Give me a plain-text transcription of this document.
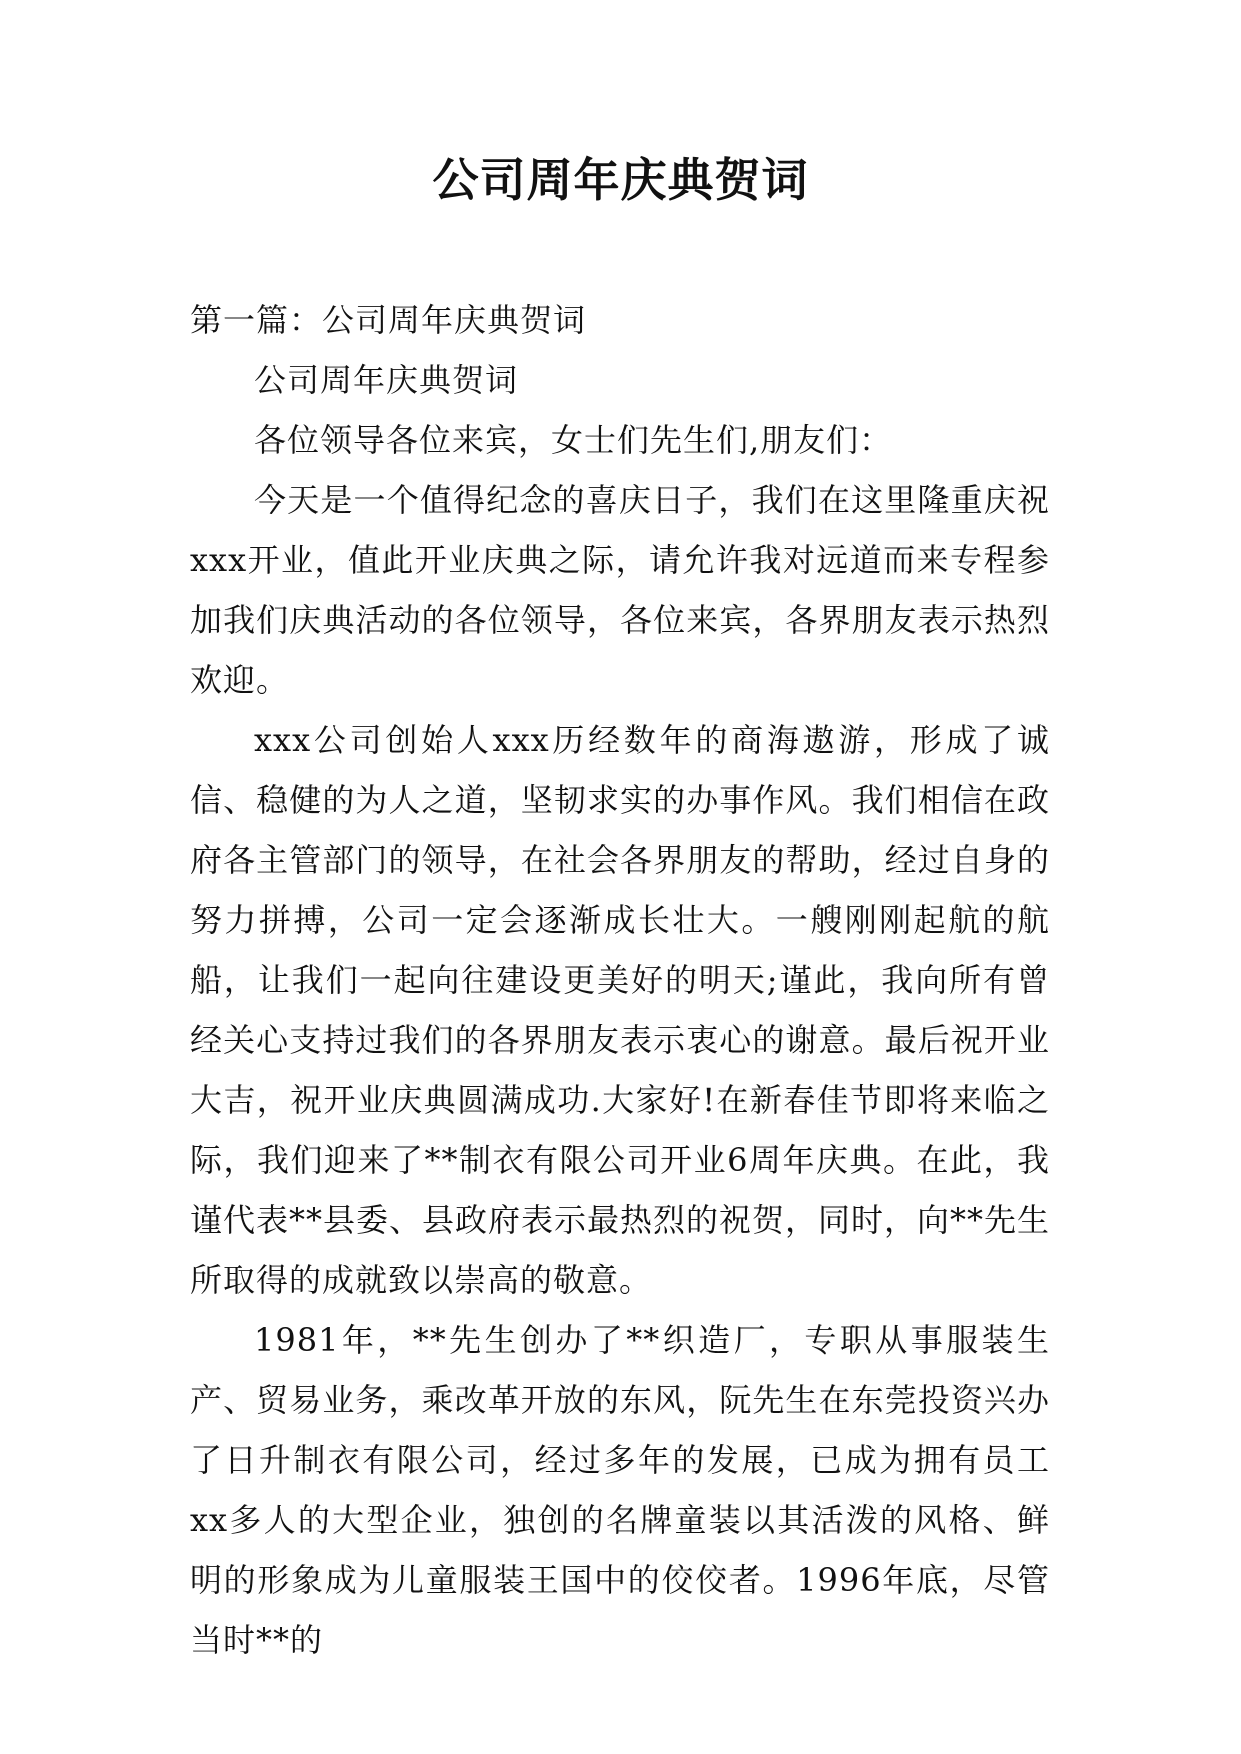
公司周年庆典贺词

第一篇：公司周年庆典贺词

公司周年庆典贺词

各位领导各位来宾，女士们先生们,朋友们：

今天是一个值得纪念的喜庆日子，我们在这里隆重庆祝xxx开业，值此开业庆典之际，请允许我对远道而来专程参加我们庆典活动的各位领导，各位来宾，各界朋友表示热烈欢迎。

xxx公司创始人xxx历经数年的商海遨游，形成了诚信、稳健的为人之道，坚韧求实的办事作风。我们相信在政府各主管部门的领导，在社会各界朋友的帮助，经过自身的努力拼搏，公司一定会逐渐成长壮大。一艘刚刚起航的航船，让我们一起向往建设更美好的明天;谨此，我向所有曾经关心支持过我们的各界朋友表示衷心的谢意。最后祝开业大吉，祝开业庆典圆满成功.大家好!在新春佳节即将来临之际，我们迎来了**制衣有限公司开业6周年庆典。在此，我谨代表**县委、县政府表示最热烈的祝贺，同时，向**先生所取得的成就致以崇高的敬意。

1981年，**先生创办了**织造厂，专职从事服装生产、贸易业务，乘改革开放的东风，阮先生在东莞投资兴办了日升制衣有限公司，经过多年的发展，已成为拥有员工xx多人的大型企业，独创的名牌童装以其活泼的风格、鲜明的形象成为儿童服装王国中的佼佼者。1996年底，尽管当时**的
